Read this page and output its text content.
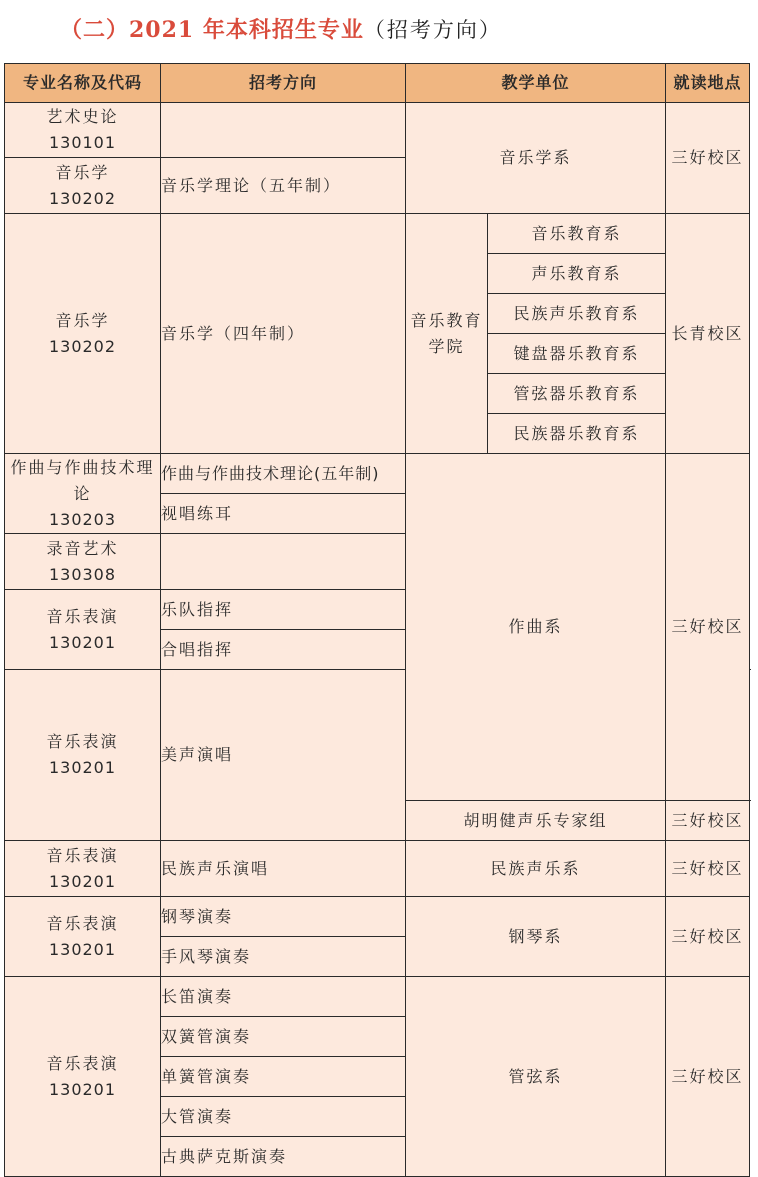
（二）2021 年本科招生专业（招考方向）
专业名称及代码	招考方向	教学单位		就读地点	

艺术史论
130101		音乐学系		三好校区	

音乐学
130202	音乐学理论（五年制）				

音乐学
130202	音乐学（四年制）	音乐教育学院	音乐教育系	长青校区	
			声乐教育系		
			民族声乐教育系		
			键盘器乐教育系		
			管弦器乐教育系		
			民族器乐教育系		

作曲与作曲技术理论
130203	作曲与作曲技术理论(五年制)	作曲系		三好校区	
	视唱练耳				

录音艺术
130308					

音乐表演
130201	乐队指挥				
	合唱指挥				

音乐表演
130201	美声演唱		
		胡明健声乐专家组		三好校区	

音乐表演
130201	民族声乐演唱	民族声乐系		三好校区	

音乐表演
130201	钢琴演奏	钢琴系		三好校区	
	手风琴演奏				

音乐表演
130201	长笛演奏	管弦系		三好校区	
	双簧管演奏				
	单簧管演奏				
	大管演奏				
	古典萨克斯演奏				
